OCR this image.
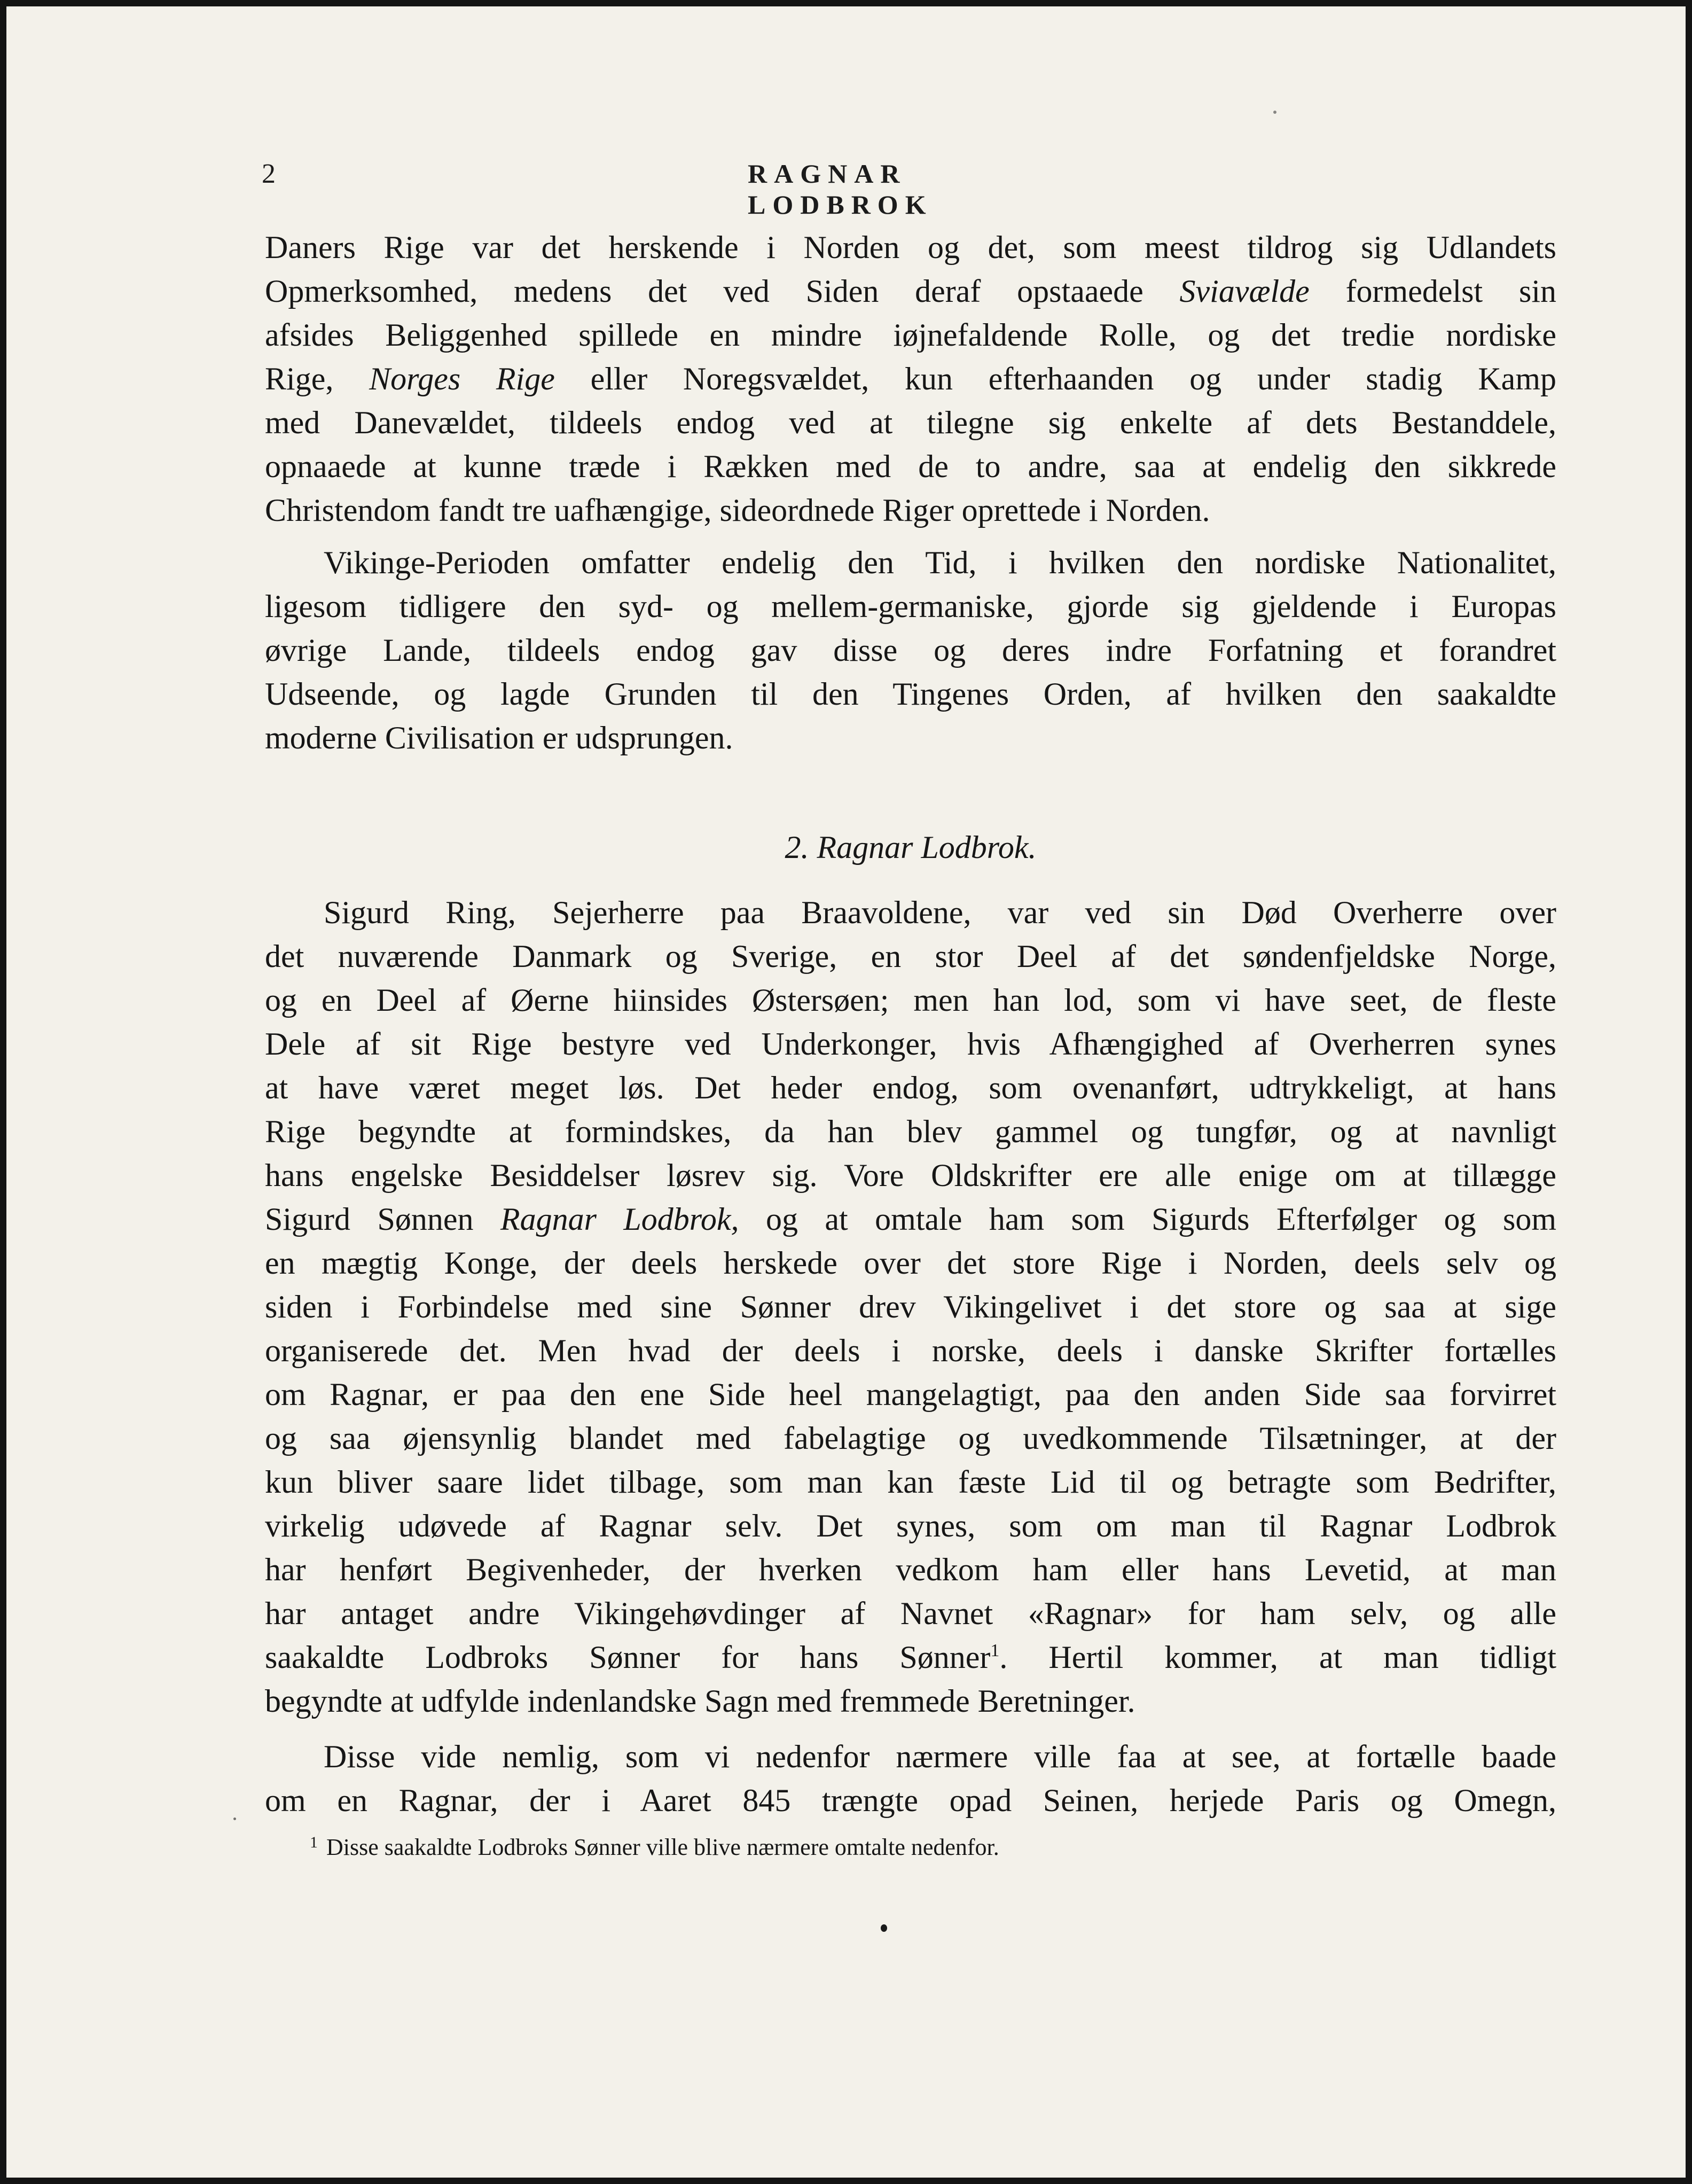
2	RAGNAR LODBROK
Daners Rige var det herskende i Norden og det, som meest tildrog sig Udlandets
Opmerksomhed, medens det ved Siden deraf opstaaede Sviavælde formedelst sin
afsides Beliggenhed spillede en mindre iøjnefaldende Rolle, og det tredie nordiske
Rige, Norges Rige eller Noregsvældet, kun efterhaanden og under stadig Kamp
med Danevældet, tildeels endog ved at tilegne sig enkelte af dets Bestanddele,
opnaaede at kunne træde i Rækken med de to andre, saa at endelig den sikkrede
Christendom fandt tre uafhængige, sideordnede Riger oprettede i Norden.
Vikinge-Perioden omfatter endelig den Tid, i hvilken den nordiske Nationalitet,
ligesom tidligere den syd- og mellem-germaniske, gjorde sig gjeldende i Europas
øvrige Lande, tildeels endog gav disse og deres indre Forfatning et forandret
Udseende, og lagde Grunden til den Tingenes Orden, af hvilken den saakaldte
moderne Civilisation er udsprungen.
2. Ragnar Lodbrok.
Sigurd Ring, Sejerherre paa Braavoldene, var ved sin Død Overherre over
det nuværende Danmark og Sverige, en stor Deel af det søndenfjeldske Norge,
og en Deel af Øerne hiinsides Østersøen; men han lod, som vi have seet, de fleste
Dele af sit Rige bestyre ved Underkonger, hvis Afhængighed af Overherren synes
at have været meget løs. Det heder endog, som ovenanført, udtrykkeligt, at hans
Rige begyndte at formindskes, da han blev gammel og tungfør, og at navnligt
hans engelske Besiddelser løsrev sig. Vore Oldskrifter ere alle enige om at tillægge
Sigurd Sønnen Ragnar Lodbrok, og at omtale ham som Sigurds Efterfølger og som
en mægtig Konge, der deels herskede over det store Rige i Norden, deels selv og
siden i Forbindelse med sine Sønner drev Vikingelivet i det store og saa at sige
organiserede det. Men hvad der deels i norske, deels i danske Skrifter fortælles
om Ragnar, er paa den ene Side heel mangelagtigt, paa den anden Side saa forvirret
og saa øjensynlig blandet med fabelagtige og uvedkommende Tilsætninger, at der
kun bliver saare lidet tilbage, som man kan fæste Lid til og betragte som Bedrifter,
virkelig udøvede af Ragnar selv. Det synes, som om man til Ragnar Lodbrok
har henført Begivenheder, der hverken vedkom ham eller hans Levetid, at man
har antaget andre Vikingehøvdinger af Navnet «Ragnar» for ham selv, og alle
saakaldte Lodbroks Sønner for hans Sønner$^1$. Hertil kommer, at man tidligt
begyndte at udfylde indenlandske Sagn med fremmede Beretninger.
Disse vide nemlig, som vi nedenfor nærmere ville faa at see, at fortælle baade
om en Ragnar, der i Aaret 845 trængte opad Seinen, herjede Paris og Omegn,
$^1$ Disse saakaldte Lodbroks Sønner ville blive nærmere omtalte nedenfor.
